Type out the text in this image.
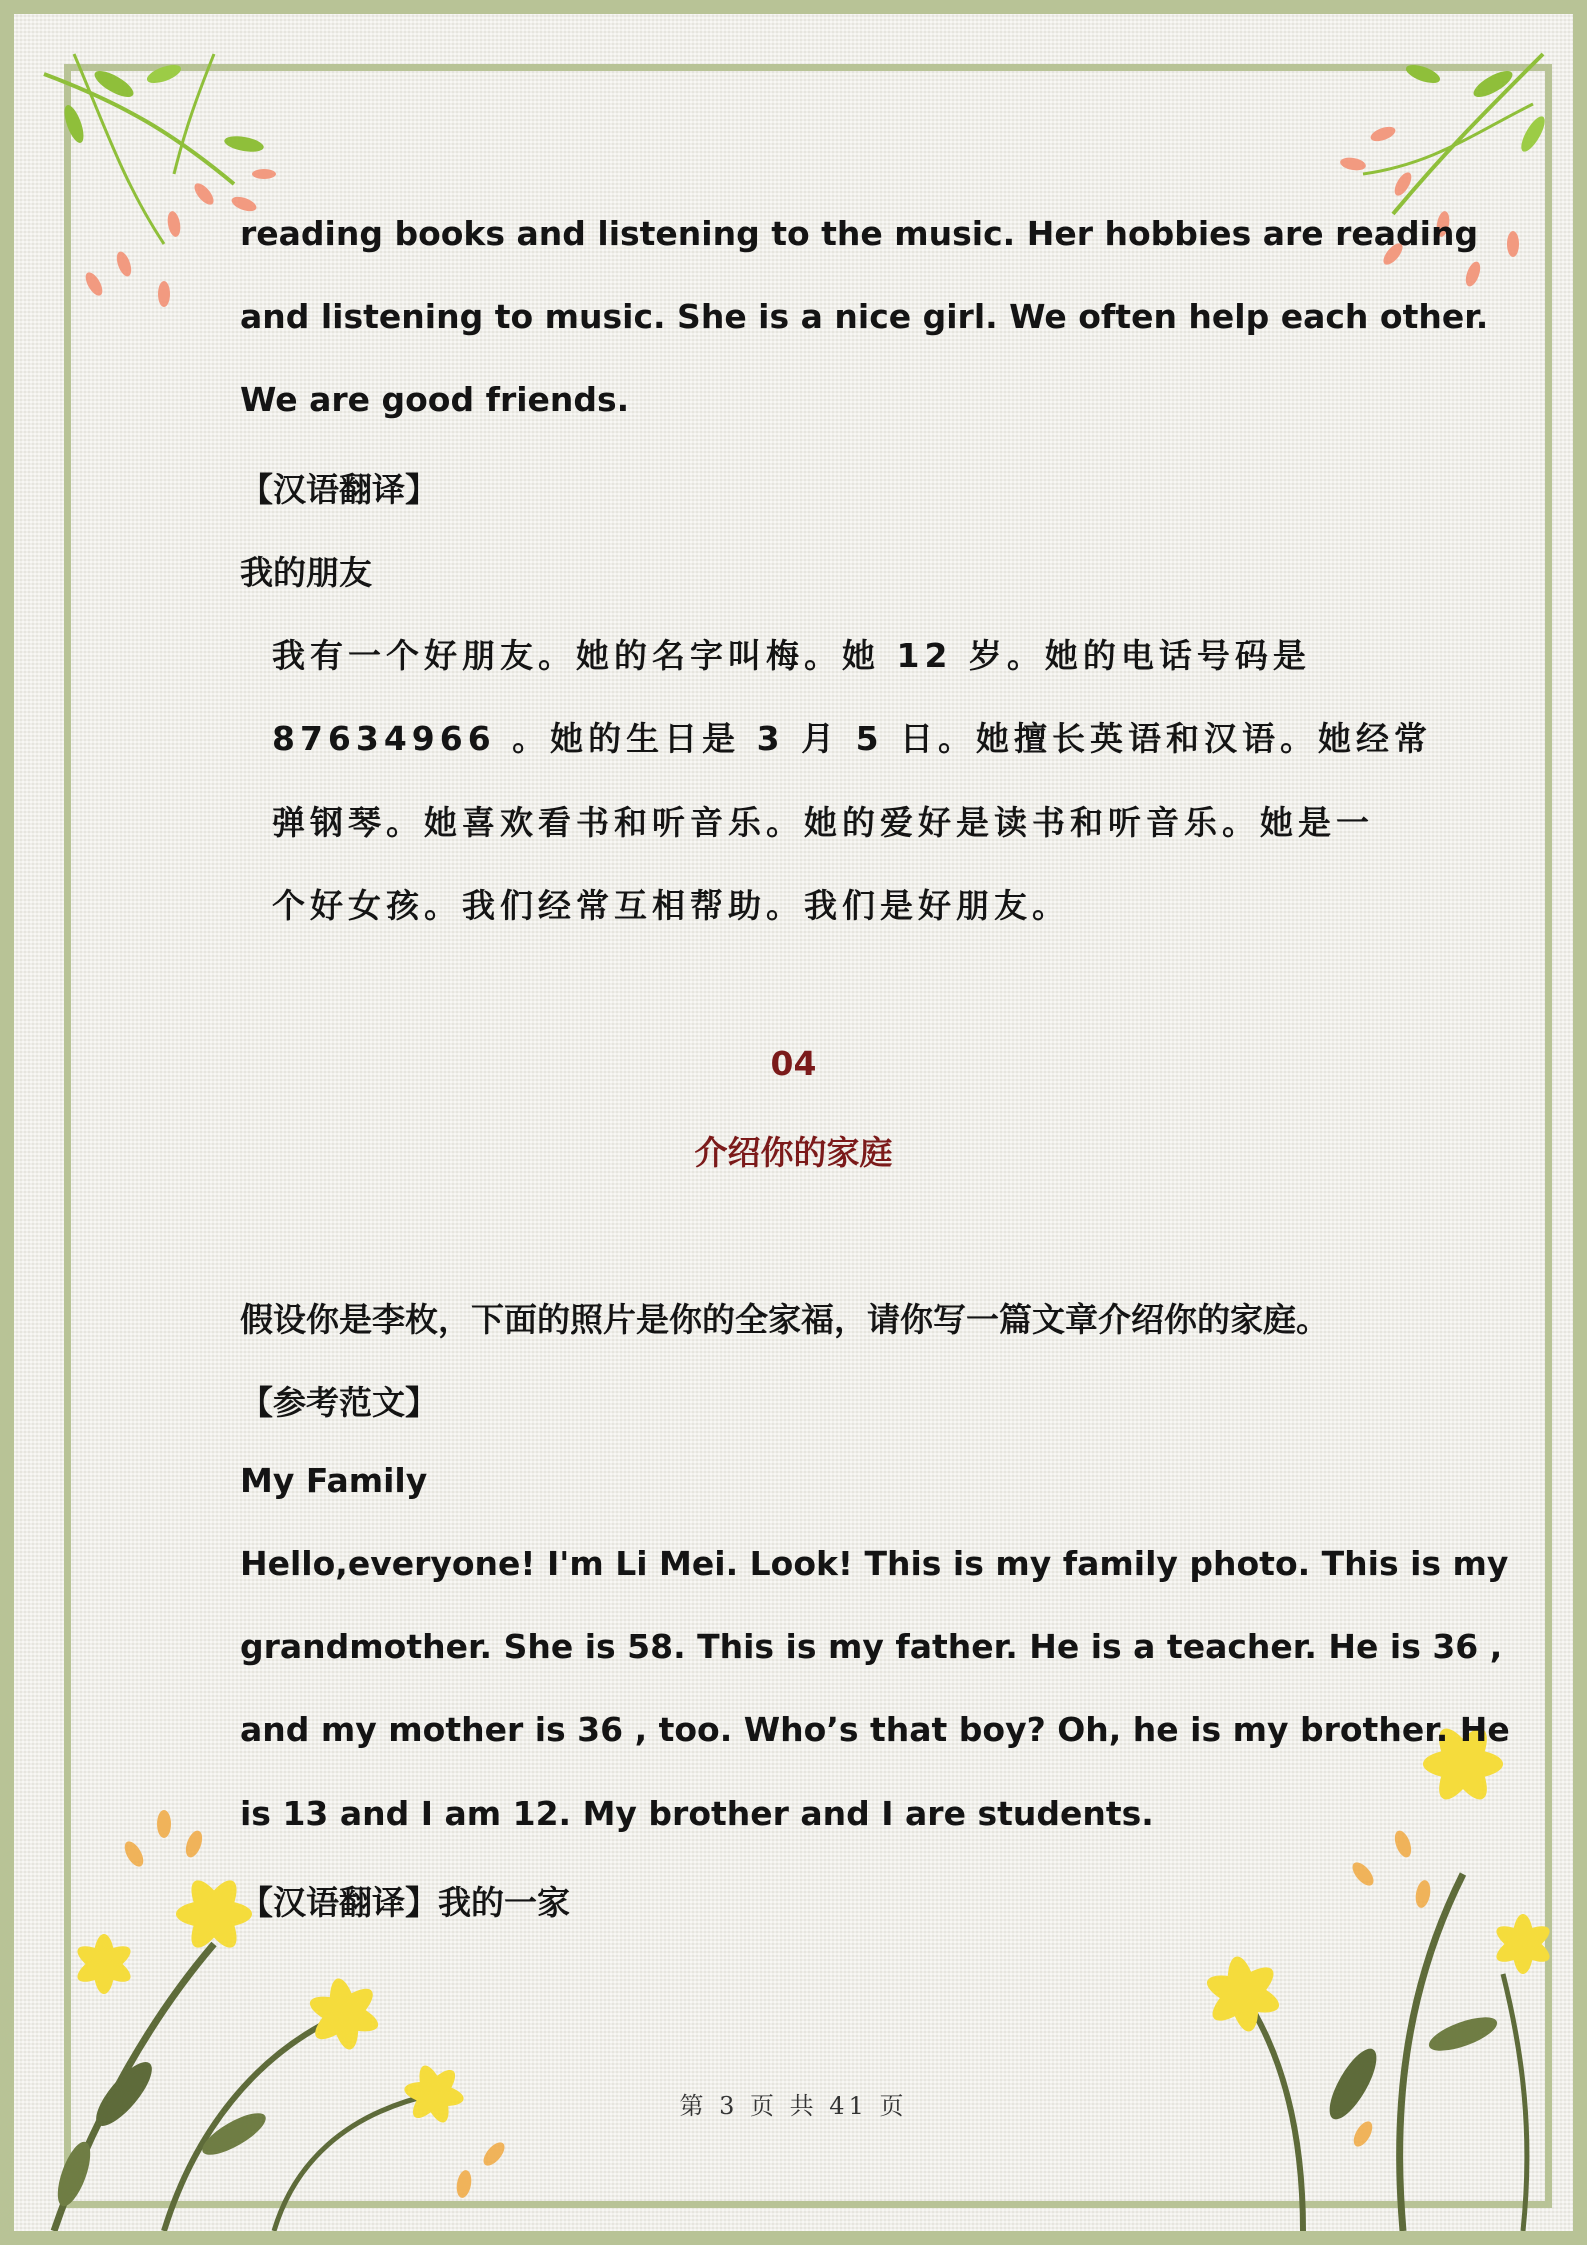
reading books and listening to the music. Her hobbies are reading
and listening to music. She is a nice girl. We often help each other.
We are good friends.
【汉语翻译】
我的朋友
我有一个好朋友。她的名字叫梅。她 12 岁。她的电话号码是
87634966 。她的生日是 3 月 5 日。她擅长英语和汉语。她经常
弹钢琴。她喜欢看书和听音乐。她的爱好是读书和听音乐。她是一
个好女孩。我们经常互相帮助。我们是好朋友。
04
介绍你的家庭
假设你是李枚，下面的照片是你的全家福，请你写一篇文章介绍你的家庭。
【参考范文】
My Family
Hello,everyone! I'm Li Mei. Look! This is my family photo. This is my
grandmother. She is 58. This is my father. He is a teacher. He is 36 ,
and my mother is 36 , too. Who’s that boy? Oh, he is my brother. He
is 13 and I am 12. My brother and I are students.
【汉语翻译】我的一家
第 3 页 共 41 页
